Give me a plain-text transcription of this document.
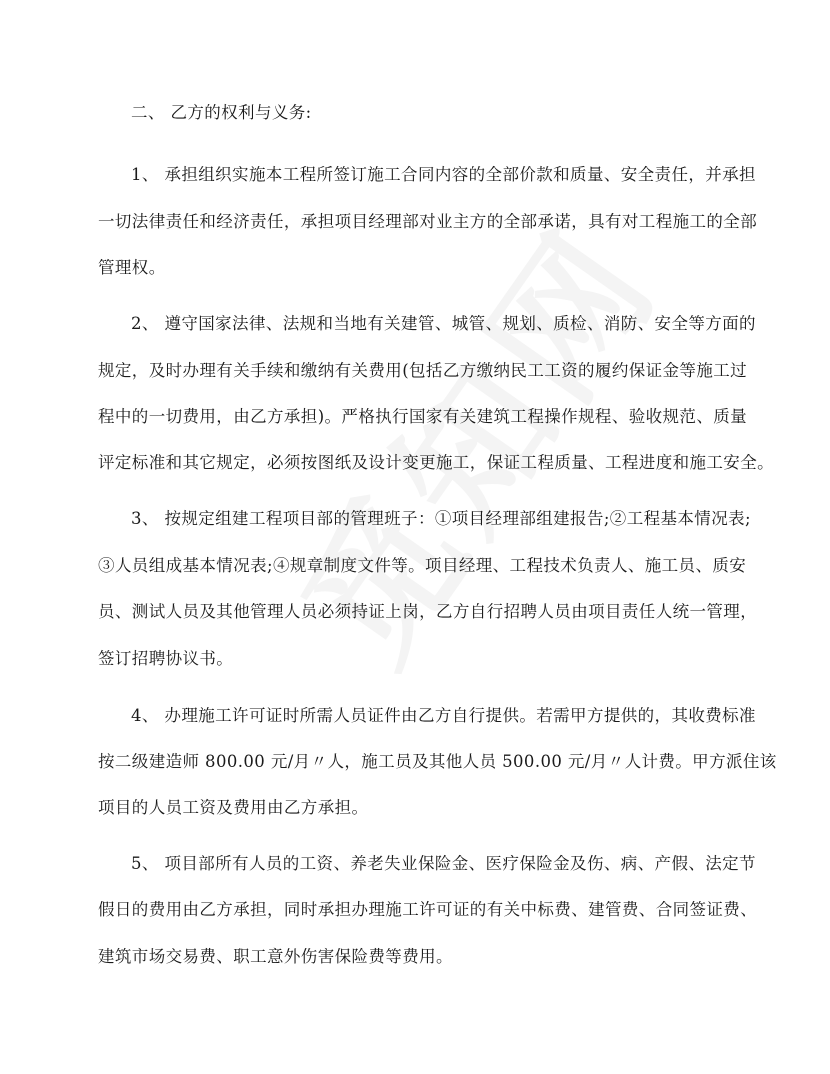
二、 乙方的权利与义务:
1、 承担组织实施本工程所签订施工合同内容的全部价款和质量、安全责任，并承担
一切法律责任和经济责任，承担项目经理部对业主方的全部承诺，具有对工程施工的全部
管理权。
2、 遵守国家法律、法规和当地有关建管、城管、规划、质检、消防、安全等方面的
规定，及时办理有关手续和缴纳有关费用(包括乙方缴纳民工工资的履约保证金等施工过
程中的一切费用，由乙方承担)。严格执行国家有关建筑工程操作规程、验收规范、质量
评定标准和其它规定，必须按图纸及设计变更施工，保证工程质量、工程进度和施工安全。
3、 按规定组建工程项目部的管理班子：①项目经理部组建报告;②工程基本情况表;
③人员组成基本情况表;④规章制度文件等。项目经理、工程技术负责人、施工员、质安
员、测试人员及其他管理人员必须持证上岗，乙方自行招聘人员由项目责任人统一管理，
签订招聘协议书。
4、 办理施工许可证时所需人员证件由乙方自行提供。若需甲方提供的，其收费标准
按二级建造师 800.00 元/月〃人，施工员及其他人员 500.00 元/月〃人计费。甲方派住该
项目的人员工资及费用由乙方承担。
5、 项目部所有人员的工资、养老失业保险金、医疗保险金及伤、病、产假、法定节
假日的费用由乙方承担，同时承担办理施工许可证的有关中标费、建管费、合同签证费、
建筑市场交易费、职工意外伤害保险费等费用。
